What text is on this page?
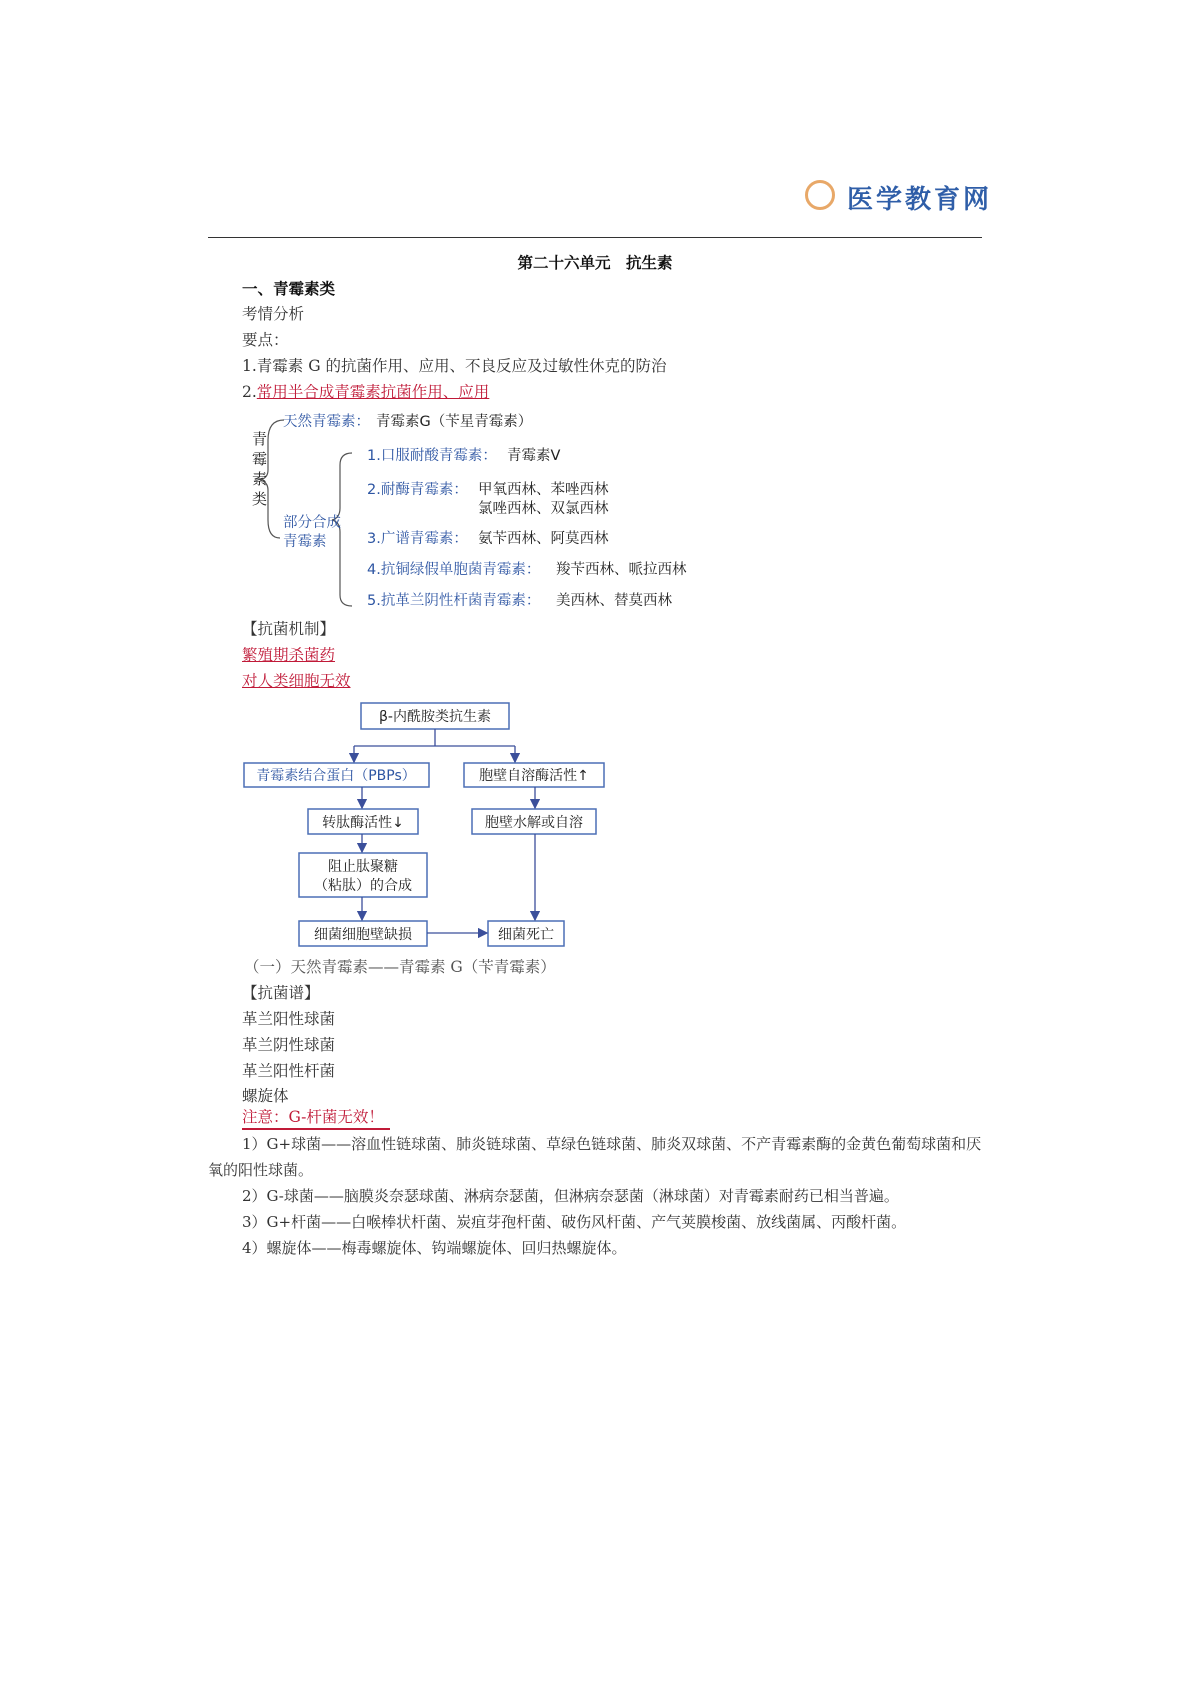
医学教育网
第二十六单元　抗生素
一、青霉素类
考情分析
要点：
1.青霉素 G 的抗菌作用、应用、不良反应及过敏性休克的防治
2.常用半合成青霉素抗菌作用、应用
青
霉
素
类
天然青霉素： 青霉素G（苄星青霉素）
部分合成
青霉素
1.口服耐酸青霉素： 青霉素V
2.耐酶青霉素： 甲氧西林、苯唑西林
氯唑西林、双氯西林
3.广谱青霉素： 氨苄西林、阿莫西林
4.抗铜绿假单胞菌青霉素： 羧苄西林、哌拉西林
5.抗革兰阴性杆菌青霉素： 美西林、替莫西林
【抗菌机制】
繁殖期杀菌药
对人类细胞无效
β-内酰胺类抗生素
青霉素结合蛋白（PBPs）	胞壁自溶酶活性↑
转肽酶活性↓	胞壁水解或自溶
阻止肽聚糖
（粘肽）的合成
细菌细胞壁缺损	细菌死亡
（一）天然青霉素——青霉素 G（苄青霉素）
【抗菌谱】
革兰阳性球菌
革兰阴性球菌
革兰阳性杆菌
螺旋体
注意：G-杆菌无效！

1）G+球菌——溶血性链球菌、肺炎链球菌、草绿色链球菌、肺炎双球菌、不产青霉素酶的金黄色葡萄球菌和厌氧的阳性球菌。

2）G-球菌——脑膜炎奈瑟球菌、淋病奈瑟菌，但淋病奈瑟菌（淋球菌）对青霉素耐药已相当普遍。

3）G+杆菌——白喉棒状杆菌、炭疽芽孢杆菌、破伤风杆菌、产气荚膜梭菌、放线菌属、丙酸杆菌。

4）螺旋体——梅毒螺旋体、钩端螺旋体、回归热螺旋体。
